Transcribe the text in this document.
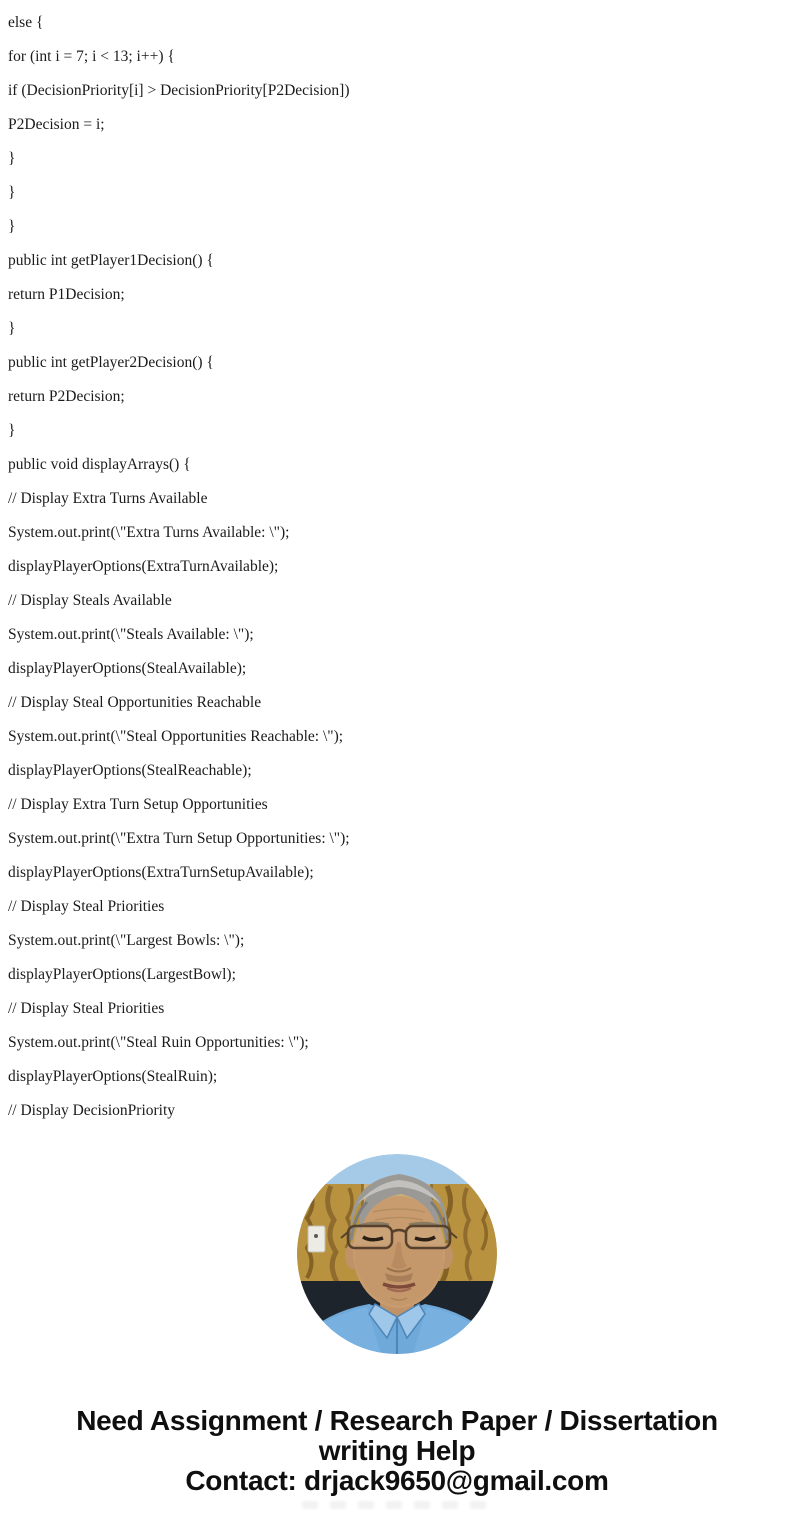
else {

for (int i = 7; i < 13; i++) {

if (DecisionPriority[i] > DecisionPriority[P2Decision])

P2Decision = i;

}

}

}

public int getPlayer1Decision() {

return P1Decision;

}

public int getPlayer2Decision() {

return P2Decision;

}

public void displayArrays() {

// Display Extra Turns Available

System.out.print(\"Extra Turns Available: \");

displayPlayerOptions(ExtraTurnAvailable);

// Display Steals Available

System.out.print(\"Steals Available: \");

displayPlayerOptions(StealAvailable);

// Display Steal Opportunities Reachable

System.out.print(\"Steal Opportunities Reachable: \");

displayPlayerOptions(StealReachable);

// Display Extra Turn Setup Opportunities

System.out.print(\"Extra Turn Setup Opportunities: \");

displayPlayerOptions(ExtraTurnSetupAvailable);

// Display Steal Priorities

System.out.print(\"Largest Bowls: \");

displayPlayerOptions(LargestBowl);

// Display Steal Priorities

System.out.print(\"Steal Ruin Opportunities: \");

displayPlayerOptions(StealRuin);

// Display DecisionPriority

Need Assignment / Research Paper / Dissertation
writing Help
Contact: drjack9650@gmail.com
